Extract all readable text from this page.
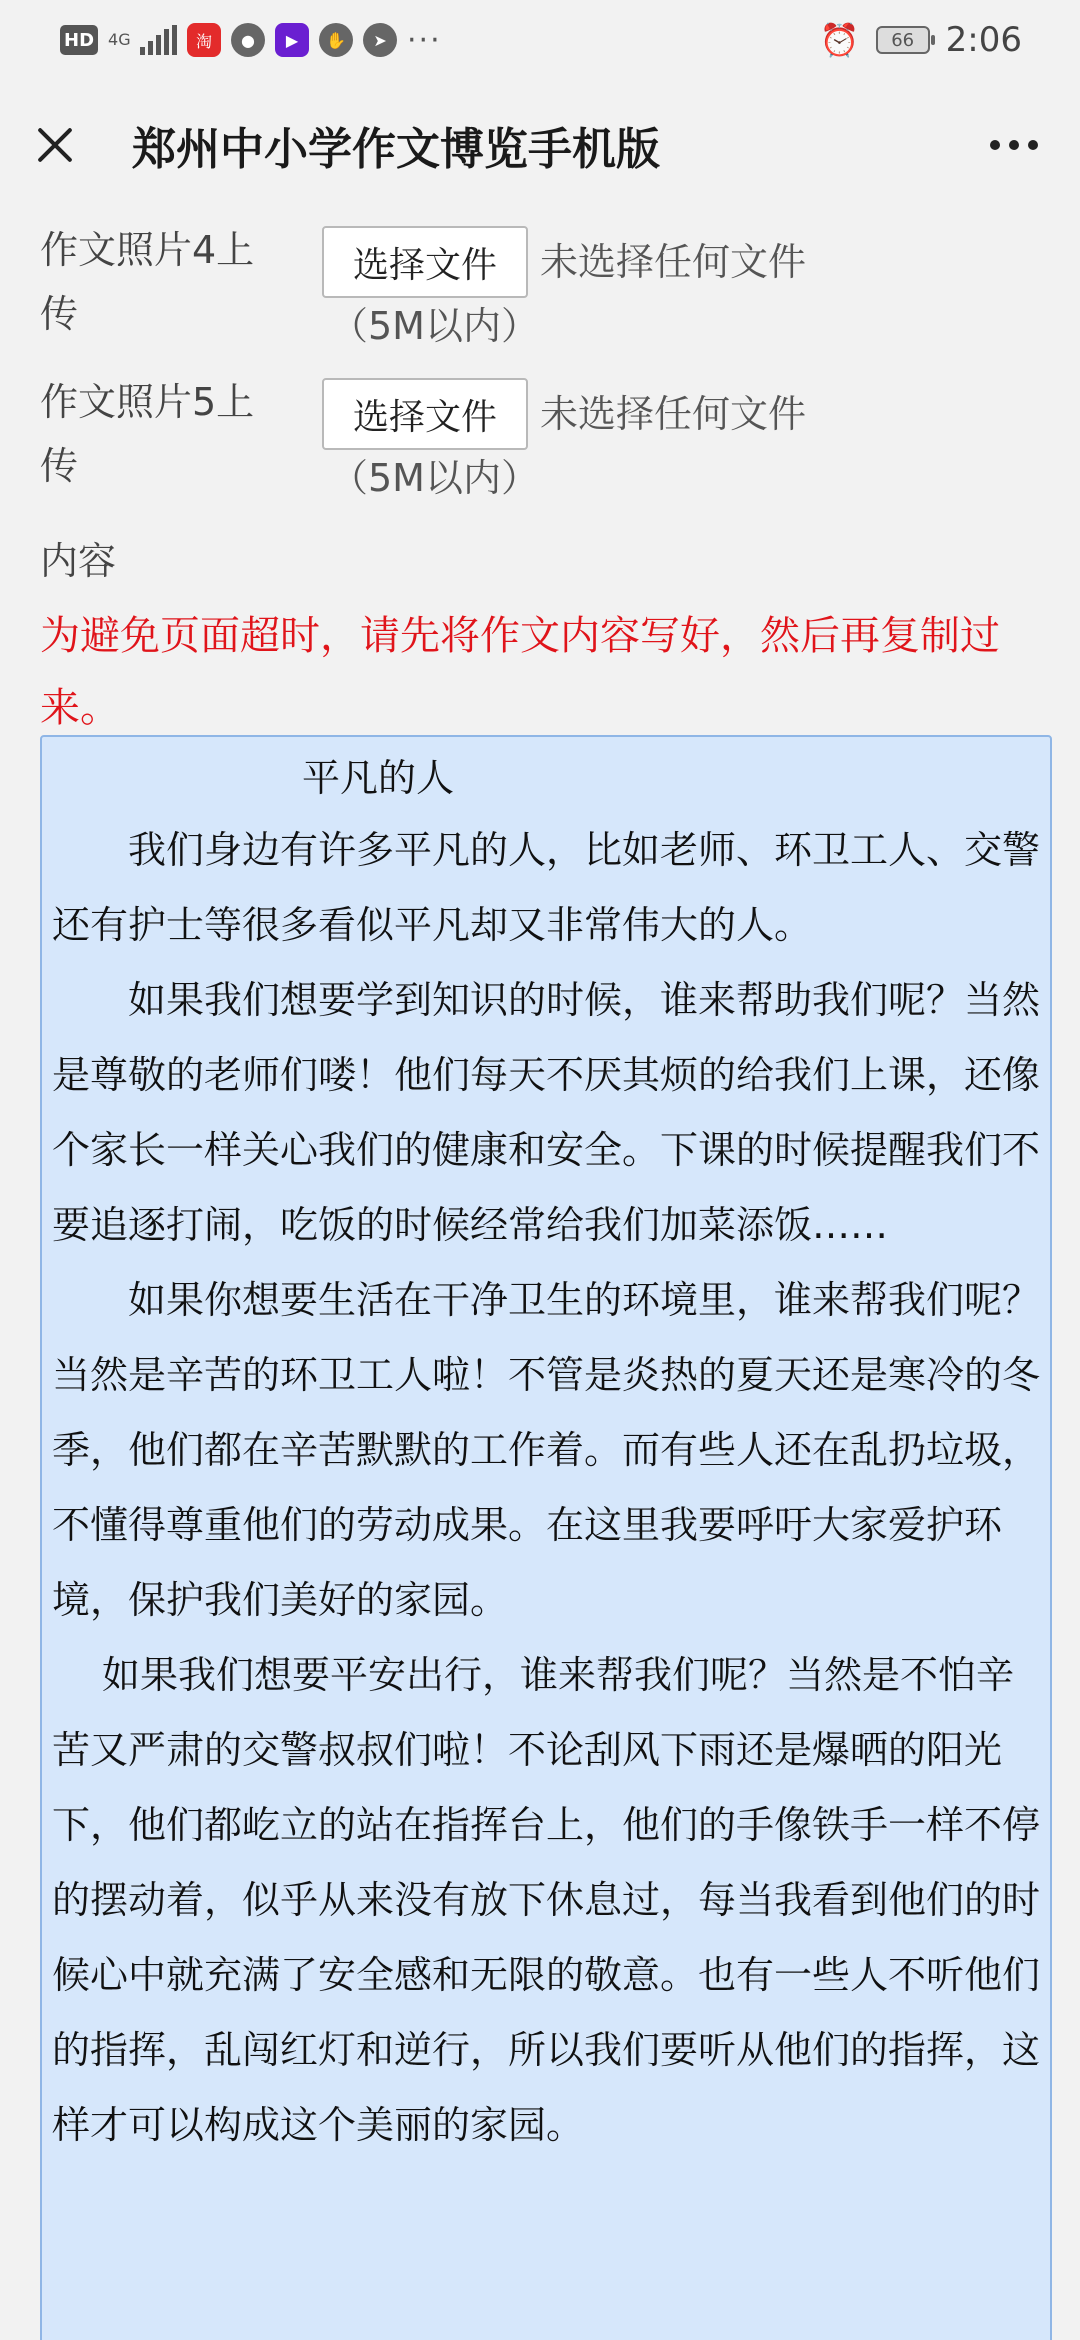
HD 4G	淘	●	▶	✋	➤ ···	⏰	66 2:06
郑州中小学作文博览手机版
作文照片4上传
选择文件	未选择任何文件
（5M以内）
作文照片5上传
选择文件	未选择任何文件
（5M以内）
内容
为避免页面超时，请先将作文内容写好，然后再复制过来。
平凡的人

我们身边有许多平凡的人，比如老师、环卫工人、交警还有护士等很多看似平凡却又非常伟大的人。

如果我们想要学到知识的时候，谁来帮助我们呢？当然是尊敬的老师们喽！他们每天不厌其烦的给我们上课，还像个家长一样关心我们的健康和安全。下课的时候提醒我们不要追逐打闹，吃饭的时候经常给我们加菜添饭……

如果你想要生活在干净卫生的环境里，谁来帮我们呢？当然是辛苦的环卫工人啦！不管是炎热的夏天还是寒冷的冬季，他们都在辛苦默默的工作着。而有些人还在乱扔垃圾，不懂得尊重他们的劳动成果。在这里我要呼吁大家爱护环境，保护我们美好的家园。

如果我们想要平安出行，谁来帮我们呢？当然是不怕辛苦又严肃的交警叔叔们啦！不论刮风下雨还是爆晒的阳光下，他们都屹立的站在指挥台上，他们的手像铁手一样不停的摆动着，似乎从来没有放下休息过，每当我看到他们的时候心中就充满了安全感和无限的敬意。也有一些人不听他们的指挥，乱闯红灯和逆行，所以我们要听从他们的指挥，这样才可以构成这个美丽的家园。
